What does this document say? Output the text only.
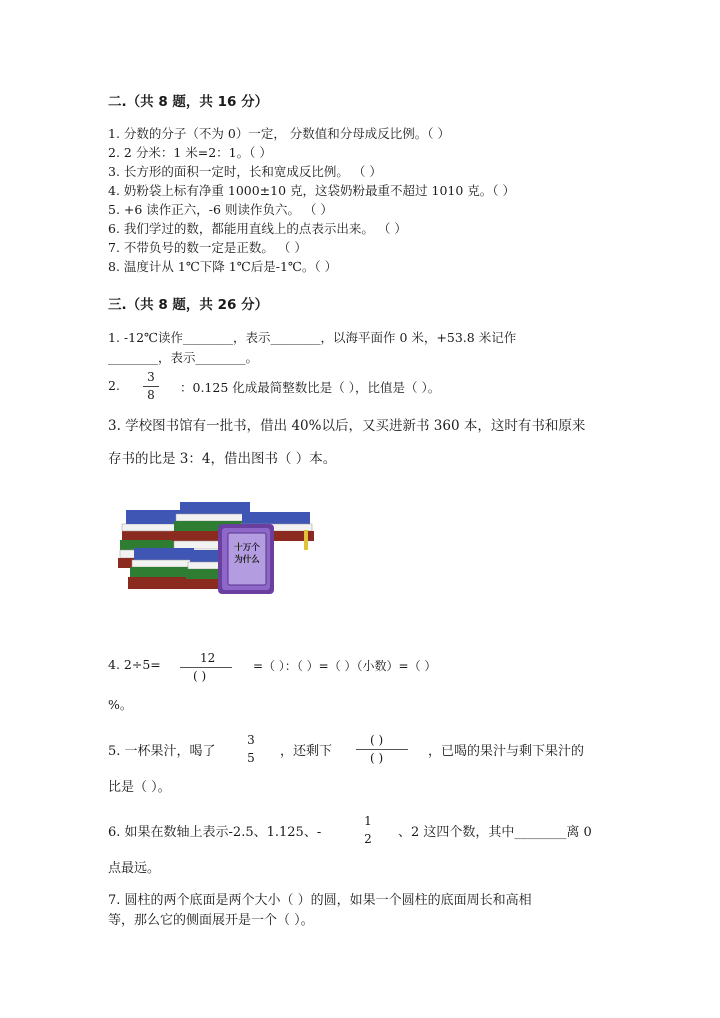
二.（共 8 题，共 16 分）
1. 分数的分子（不为 0）一定， 分数值和分母成反比例。（ ）
2. 2 分米：1 米=2：1。（ ）
3. 长方形的面积一定时，长和宽成反比例。 （ ）
4. 奶粉袋上标有净重 1000±10 克，这袋奶粉最重不超过 1010 克。（ ）
5. +6 读作正六，-6 则读作负六。 （ ）
6. 我们学过的数，都能用直线上的点表示出来。 （ ）
7. 不带负号的数一定是正数。 （ ）
8. 温度计从 1℃下降 1℃后是-1℃。（ ）
三.（共 8 题，共 26 分）
1. -12℃读作________，表示________，以海平面作 0 米，+53.8 米记作
________，表示________。
2.
3
8	：0.125 化成最简整数比是（ ），比值是（ ）。
3. 学校图书馆有一批书，借出 40%以后，又买进新书 360 本，这时有书和原来
存书的比是 3：4，借出图书（ ）本。
十万个
为什么
4. 2÷5=	12
( )
=（ ）：（ ）=（ ）（小数）=（ ）
%。
5. 一杯果汁，喝了
3
5	，还剩下
( )
( )	，已喝的果汁与剩下果汁的
比是（ ）。
6. 如果在数轴上表示-2.5、1.125、-
1
2	、2 这四个数，其中________离 0
点最远。
7. 圆柱的两个底面是两个大小（ ）的圆，如果一个圆柱的底面周长和高相
等，那么它的侧面展开是一个（ ）。
